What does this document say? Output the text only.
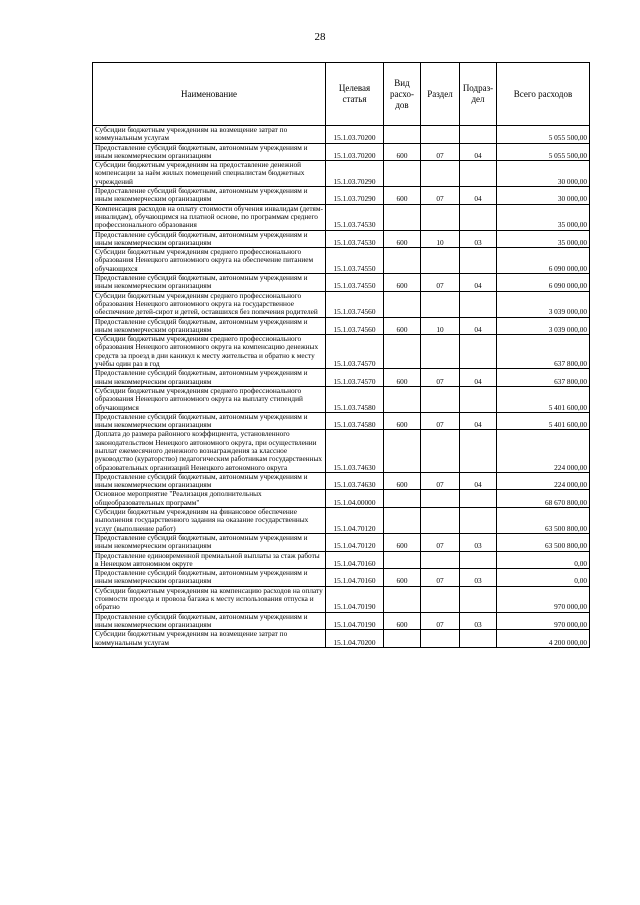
28
Наименование	Целевая статья	Вид расхо-дов	Раздел	Подраз-дел	Всего расходов
Субсидии бюджетным учреждениям на возмещение затрат по коммунальным услугам	15.1.03.70200				5 055 500,00
Предоставление субсидий бюджетным, автономным учреждениям и иным некоммерческим организациям	15.1.03.70200	600	07	04	5 055 500,00
Субсидии бюджетным учреждениям на предоставление денежной компенсации за наём жилых помещений специалистам бюджетных учреждений	15.1.03.70290				30 000,00
Предоставление субсидий бюджетным, автономным учреждениям и иным некоммерческим организациям	15.1.03.70290	600	07	04	30 000,00
Компенсация расходов на оплату стоимости обучения инвалидам (детям-инвалидам), обучающимся на платной основе, по программам среднего профессионального образования	15.1.03.74530				35 000,00
Предоставление субсидий бюджетным, автономным учреждениям и иным некоммерческим организациям	15.1.03.74530	600	10	03	35 000,00
Субсидии бюджетным учреждениям среднего профессионального образования Ненецкого автономного округа на обеспечение питанием обучающихся	15.1.03.74550				6 090 000,00
Предоставление субсидий бюджетным, автономным учреждениям и иным некоммерческим организациям	15.1.03.74550	600	07	04	6 090 000,00
Субсидии бюджетным учреждениям среднего профессионального образования Ненецкого автономного округа на государственное обеспечение детей-сирот и детей, оставшихся без попечения родителей	15.1.03.74560				3 039 000,00
Предоставление субсидий бюджетным, автономным учреждениям и иным некоммерческим организациям	15.1.03.74560	600	10	04	3 039 000,00
Субсидии бюджетным учреждениям среднего профессионального образования Ненецкого автономного округа на компенсацию денежных средств за проезд в дни каникул к месту жительства и обратно к месту учёбы один раз в год	15.1.03.74570				637 800,00
Предоставление субсидий бюджетным, автономным учреждениям и иным некоммерческим организациям	15.1.03.74570	600	07	04	637 800,00
Субсидии бюджетным учреждениям среднего профессионального образования Ненецкого автономного округа на выплату стипендий обучающимся	15.1.03.74580				5 401 600,00
Предоставление субсидий бюджетным, автономным учреждениям и иным некоммерческим организациям	15.1.03.74580	600	07	04	5 401 600,00
Доплата до размера районного коэффициента, установленного законодательством Ненецкого автономного округа, при осуществлении выплат ежемесячного денежного вознаграждения за классное руководство (кураторство) педагогическим работникам государственных образовательных организаций Ненецкого автономного округа	15.1.03.74630				224 000,00
Предоставление субсидий бюджетным, автономным учреждениям и иным некоммерческим организациям	15.1.03.74630	600	07	04	224 000,00
Основное мероприятие "Реализация дополнительных общеобразовательных программ"	15.1.04.00000				68 670 800,00
Субсидии бюджетным учреждениям на финансовое обеспечение выполнения государственного задания на оказание государственных услуг (выполнение работ)	15.1.04.70120				63 500 800,00
Предоставление субсидий бюджетным, автономным учреждениям и иным некоммерческим организациям	15.1.04.70120	600	07	03	63 500 800,00
Предоставление единовременной премиальной выплаты за стаж работы в Ненецком автономном округе	15.1.04.70160				0,00
Предоставление субсидий бюджетным, автономным учреждениям и иным некоммерческим организациям	15.1.04.70160	600	07	03	0,00
Субсидии бюджетным учреждениям на компенсацию расходов на оплату стоимости проезда и провоза багажа к месту использования отпуска и обратно	15.1.04.70190				970 000,00
Предоставление субсидий бюджетным, автономным учреждениям и иным некоммерческим организациям	15.1.04.70190	600	07	03	970 000,00
Субсидии бюджетным учреждениям на возмещение затрат по коммунальным услугам	15.1.04.70200				4 200 000,00
